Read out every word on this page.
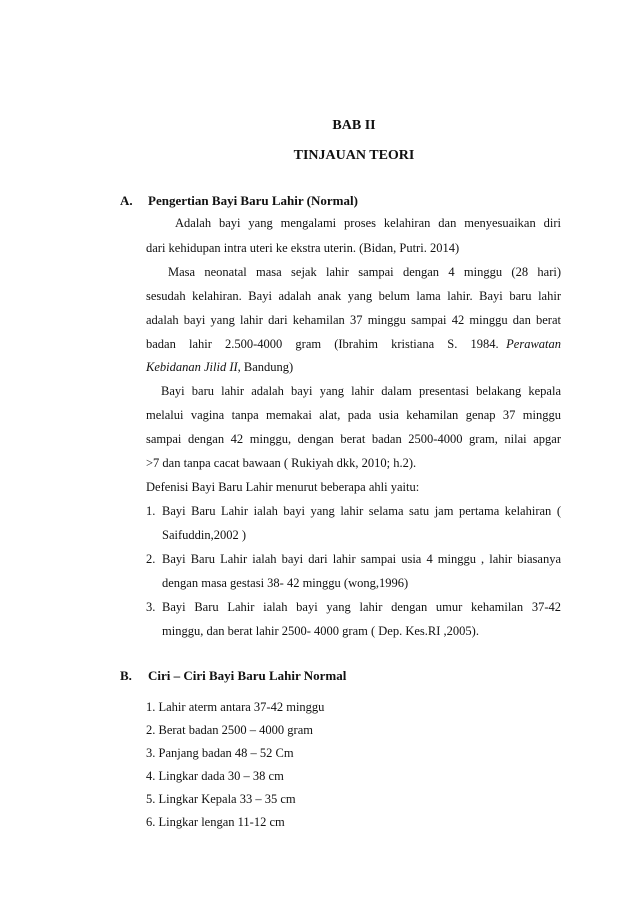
BAB II
TINJAUAN TEORI
A. Pengertian Bayi Baru Lahir (Normal)
Adalah bayi yang mengalami proses kelahiran dan menyesuaikan diri
dari kehidupan intra uteri ke ekstra uterin. (Bidan, Putri. 2014)
Masa neonatal masa sejak lahir sampai dengan 4 minggu (28 hari)
sesudah kelahiran. Bayi adalah anak yang belum lama lahir. Bayi baru lahir
adalah bayi yang lahir dari kehamilan 37 minggu sampai 42 minggu dan berat
badan lahir 2.500-4000 gram (Ibrahim kristiana S. 1984. Perawatan
Kebidanan Jilid II, Bandung)
Bayi baru lahir adalah bayi yang lahir dalam presentasi belakang kepala
melalui vagina tanpa memakai alat, pada usia kehamilan genap 37 minggu
sampai dengan 42 minggu, dengan berat badan 2500-4000 gram, nilai apgar
>7 dan tanpa cacat bawaan ( Rukiyah dkk, 2010; h.2).
Defenisi Bayi Baru Lahir menurut beberapa ahli yaitu:
1. Bayi Baru Lahir ialah bayi yang lahir selama satu jam pertama kelahiran (
Saifuddin,2002 )
2. Bayi Baru Lahir ialah bayi dari lahir sampai usia 4 minggu , lahir biasanya
dengan masa gestasi 38- 42 minggu (wong,1996)
3. Bayi Baru Lahir ialah bayi yang lahir dengan umur kehamilan 37-42
minggu, dan berat lahir 2500- 4000 gram ( Dep. Kes.RI ,2005).
B. Ciri – Ciri Bayi Baru Lahir Normal
1. Lahir aterm antara 37-42 minggu
2. Berat badan 2500 – 4000 gram
3. Panjang badan 48 – 52 Cm
4. Lingkar dada 30 – 38 cm
5. Lingkar Kepala 33 – 35 cm
6. Lingkar lengan 11-12 cm
